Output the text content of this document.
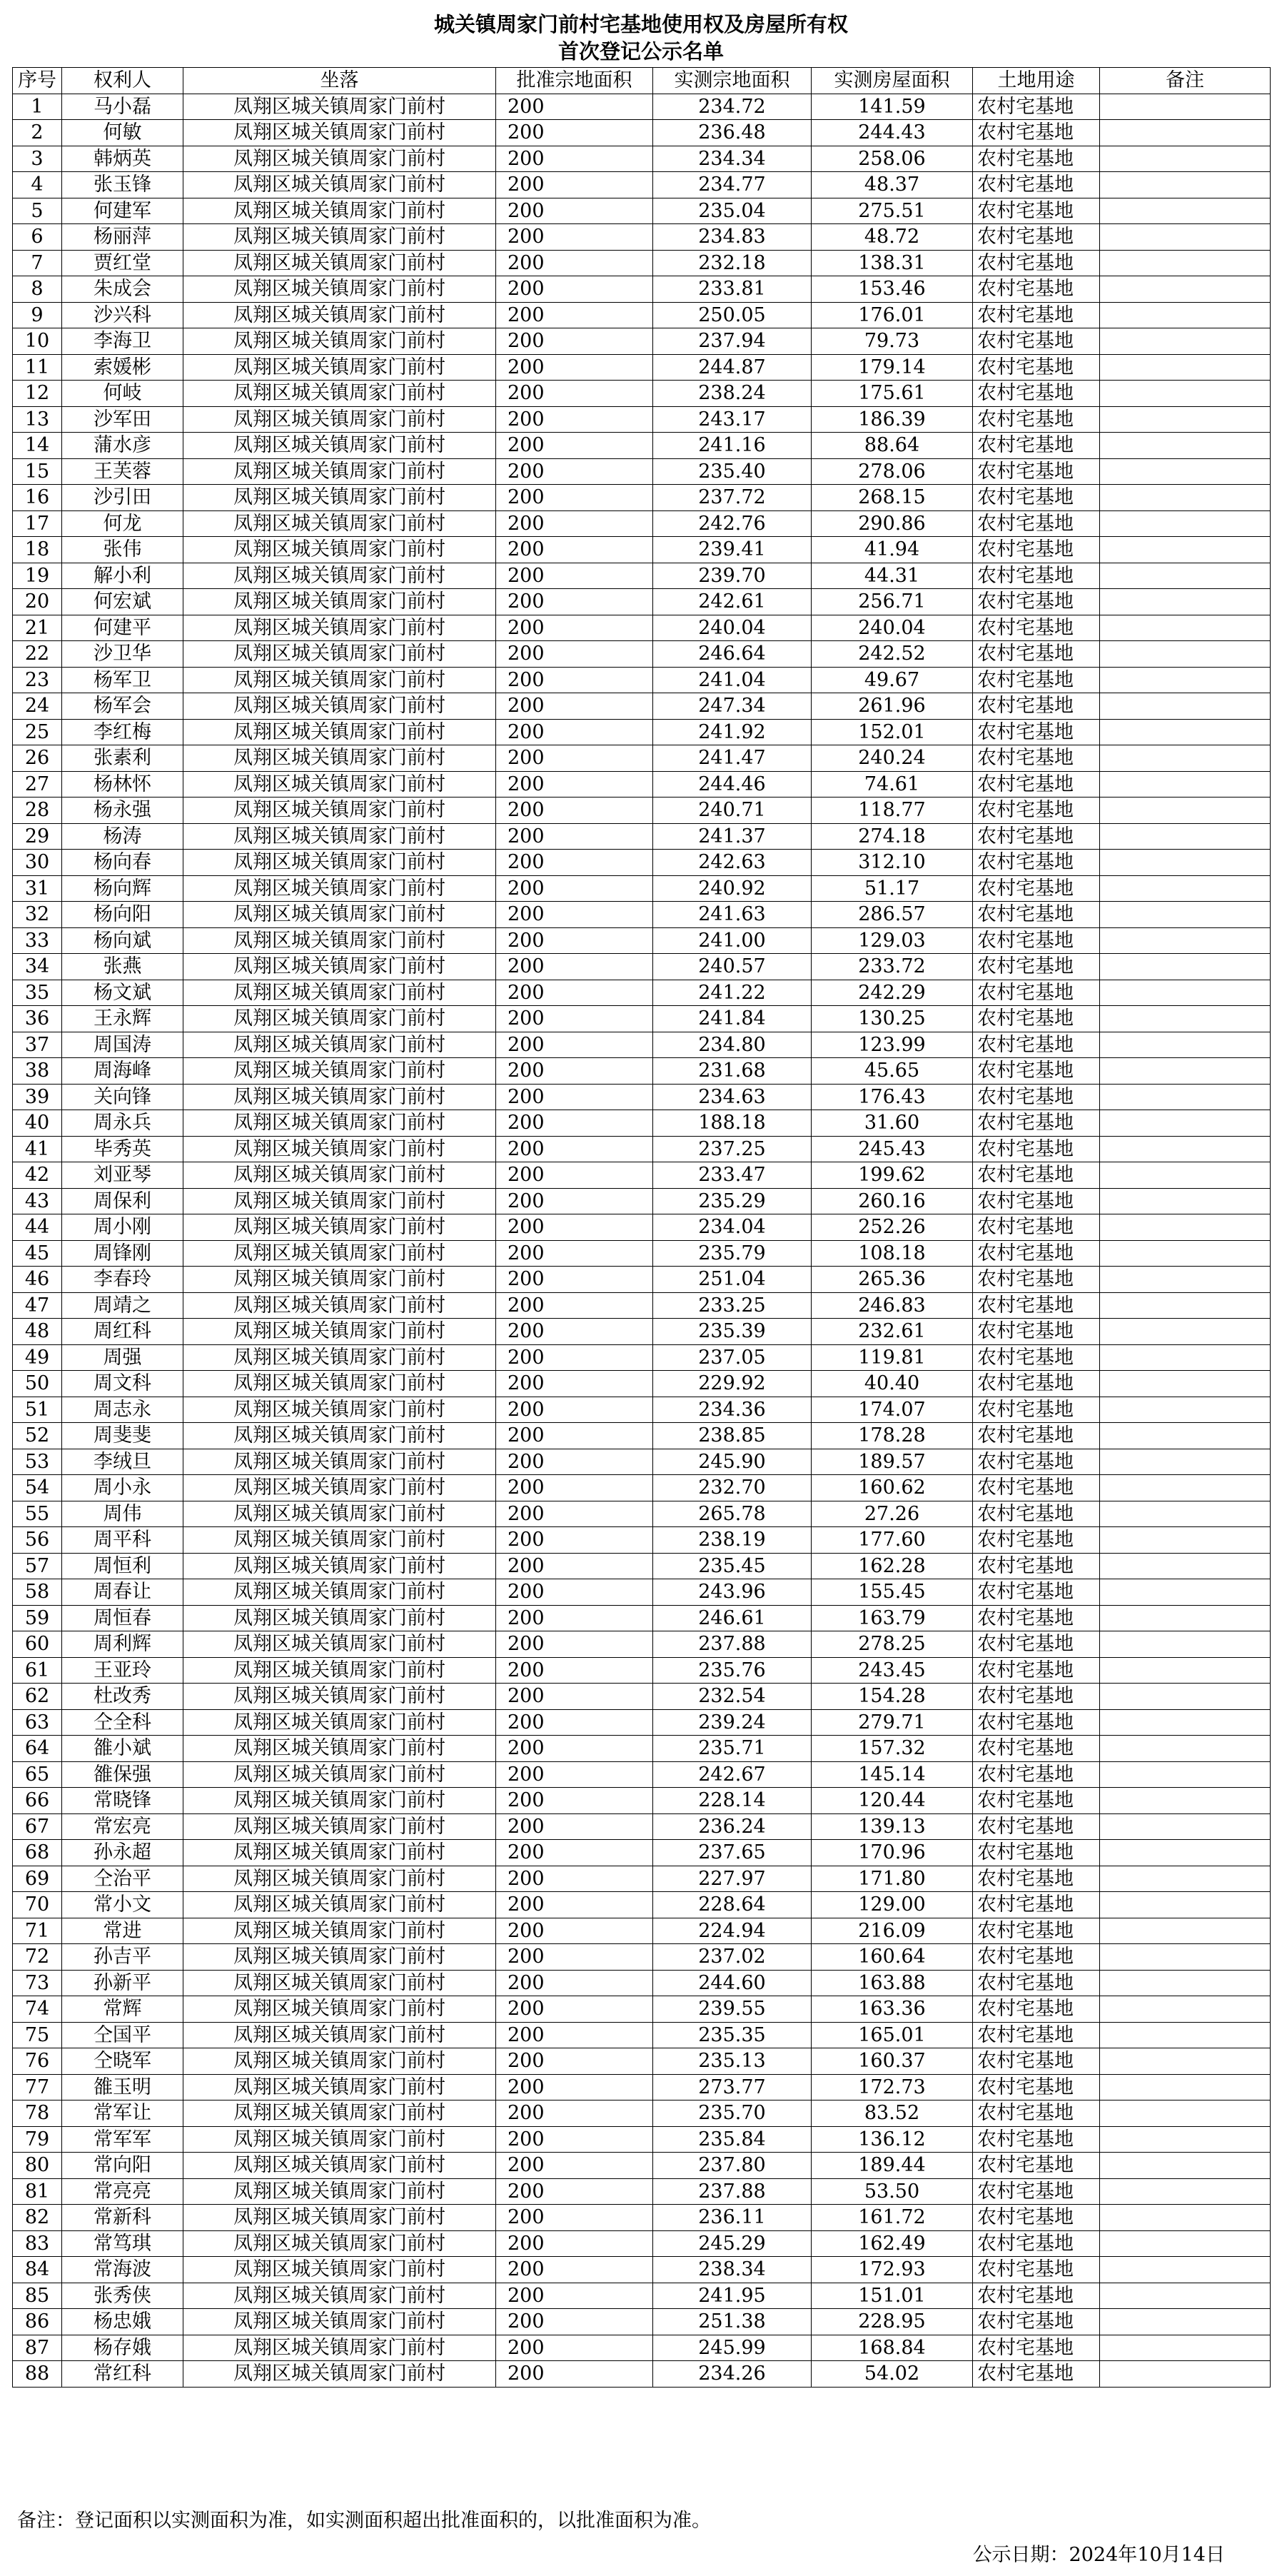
城关镇周家门前村宅基地使用权及房屋所有权
首次登记公示名单
序号	权利人	坐落	批准宗地面积	实测宗地面积	实测房屋面积	土地用途	备注
1	马小磊	凤翔区城关镇周家门前村	200	234.72	141.59	农村宅基地	
2	何敏	凤翔区城关镇周家门前村	200	236.48	244.43	农村宅基地	
3	韩炳英	凤翔区城关镇周家门前村	200	234.34	258.06	农村宅基地	
4	张玉锋	凤翔区城关镇周家门前村	200	234.77	48.37	农村宅基地	
5	何建军	凤翔区城关镇周家门前村	200	235.04	275.51	农村宅基地	
6	杨丽萍	凤翔区城关镇周家门前村	200	234.83	48.72	农村宅基地	
7	贾红堂	凤翔区城关镇周家门前村	200	232.18	138.31	农村宅基地	
8	朱成会	凤翔区城关镇周家门前村	200	233.81	153.46	农村宅基地	
9	沙兴科	凤翔区城关镇周家门前村	200	250.05	176.01	农村宅基地	
10	李海卫	凤翔区城关镇周家门前村	200	237.94	79.73	农村宅基地	
11	索媛彬	凤翔区城关镇周家门前村	200	244.87	179.14	农村宅基地	
12	何岐	凤翔区城关镇周家门前村	200	238.24	175.61	农村宅基地	
13	沙军田	凤翔区城关镇周家门前村	200	243.17	186.39	农村宅基地	
14	蒲水彦	凤翔区城关镇周家门前村	200	241.16	88.64	农村宅基地	
15	王芙蓉	凤翔区城关镇周家门前村	200	235.40	278.06	农村宅基地	
16	沙引田	凤翔区城关镇周家门前村	200	237.72	268.15	农村宅基地	
17	何龙	凤翔区城关镇周家门前村	200	242.76	290.86	农村宅基地	
18	张伟	凤翔区城关镇周家门前村	200	239.41	41.94	农村宅基地	
19	解小利	凤翔区城关镇周家门前村	200	239.70	44.31	农村宅基地	
20	何宏斌	凤翔区城关镇周家门前村	200	242.61	256.71	农村宅基地	
21	何建平	凤翔区城关镇周家门前村	200	240.04	240.04	农村宅基地	
22	沙卫华	凤翔区城关镇周家门前村	200	246.64	242.52	农村宅基地	
23	杨军卫	凤翔区城关镇周家门前村	200	241.04	49.67	农村宅基地	
24	杨军会	凤翔区城关镇周家门前村	200	247.34	261.96	农村宅基地	
25	李红梅	凤翔区城关镇周家门前村	200	241.92	152.01	农村宅基地	
26	张素利	凤翔区城关镇周家门前村	200	241.47	240.24	农村宅基地	
27	杨林怀	凤翔区城关镇周家门前村	200	244.46	74.61	农村宅基地	
28	杨永强	凤翔区城关镇周家门前村	200	240.71	118.77	农村宅基地	
29	杨涛	凤翔区城关镇周家门前村	200	241.37	274.18	农村宅基地	
30	杨向春	凤翔区城关镇周家门前村	200	242.63	312.10	农村宅基地	
31	杨向辉	凤翔区城关镇周家门前村	200	240.92	51.17	农村宅基地	
32	杨向阳	凤翔区城关镇周家门前村	200	241.63	286.57	农村宅基地	
33	杨向斌	凤翔区城关镇周家门前村	200	241.00	129.03	农村宅基地	
34	张燕	凤翔区城关镇周家门前村	200	240.57	233.72	农村宅基地	
35	杨文斌	凤翔区城关镇周家门前村	200	241.22	242.29	农村宅基地	
36	王永辉	凤翔区城关镇周家门前村	200	241.84	130.25	农村宅基地	
37	周国涛	凤翔区城关镇周家门前村	200	234.80	123.99	农村宅基地	
38	周海峰	凤翔区城关镇周家门前村	200	231.68	45.65	农村宅基地	
39	关向锋	凤翔区城关镇周家门前村	200	234.63	176.43	农村宅基地	
40	周永兵	凤翔区城关镇周家门前村	200	188.18	31.60	农村宅基地	
41	毕秀英	凤翔区城关镇周家门前村	200	237.25	245.43	农村宅基地	
42	刘亚琴	凤翔区城关镇周家门前村	200	233.47	199.62	农村宅基地	
43	周保利	凤翔区城关镇周家门前村	200	235.29	260.16	农村宅基地	
44	周小刚	凤翔区城关镇周家门前村	200	234.04	252.26	农村宅基地	
45	周锋刚	凤翔区城关镇周家门前村	200	235.79	108.18	农村宅基地	
46	李春玲	凤翔区城关镇周家门前村	200	251.04	265.36	农村宅基地	
47	周靖之	凤翔区城关镇周家门前村	200	233.25	246.83	农村宅基地	
48	周红科	凤翔区城关镇周家门前村	200	235.39	232.61	农村宅基地	
49	周强	凤翔区城关镇周家门前村	200	237.05	119.81	农村宅基地	
50	周文科	凤翔区城关镇周家门前村	200	229.92	40.40	农村宅基地	
51	周志永	凤翔区城关镇周家门前村	200	234.36	174.07	农村宅基地	
52	周斐斐	凤翔区城关镇周家门前村	200	238.85	178.28	农村宅基地	
53	李绒旦	凤翔区城关镇周家门前村	200	245.90	189.57	农村宅基地	
54	周小永	凤翔区城关镇周家门前村	200	232.70	160.62	农村宅基地	
55	周伟	凤翔区城关镇周家门前村	200	265.78	27.26	农村宅基地	
56	周平科	凤翔区城关镇周家门前村	200	238.19	177.60	农村宅基地	
57	周恒利	凤翔区城关镇周家门前村	200	235.45	162.28	农村宅基地	
58	周春让	凤翔区城关镇周家门前村	200	243.96	155.45	农村宅基地	
59	周恒春	凤翔区城关镇周家门前村	200	246.61	163.79	农村宅基地	
60	周利辉	凤翔区城关镇周家门前村	200	237.88	278.25	农村宅基地	
61	王亚玲	凤翔区城关镇周家门前村	200	235.76	243.45	农村宅基地	
62	杜改秀	凤翔区城关镇周家门前村	200	232.54	154.28	农村宅基地	
63	仝全科	凤翔区城关镇周家门前村	200	239.24	279.71	农村宅基地	
64	雒小斌	凤翔区城关镇周家门前村	200	235.71	157.32	农村宅基地	
65	雒保强	凤翔区城关镇周家门前村	200	242.67	145.14	农村宅基地	
66	常晓锋	凤翔区城关镇周家门前村	200	228.14	120.44	农村宅基地	
67	常宏亮	凤翔区城关镇周家门前村	200	236.24	139.13	农村宅基地	
68	孙永超	凤翔区城关镇周家门前村	200	237.65	170.96	农村宅基地	
69	仝治平	凤翔区城关镇周家门前村	200	227.97	171.80	农村宅基地	
70	常小文	凤翔区城关镇周家门前村	200	228.64	129.00	农村宅基地	
71	常进	凤翔区城关镇周家门前村	200	224.94	216.09	农村宅基地	
72	孙吉平	凤翔区城关镇周家门前村	200	237.02	160.64	农村宅基地	
73	孙新平	凤翔区城关镇周家门前村	200	244.60	163.88	农村宅基地	
74	常辉	凤翔区城关镇周家门前村	200	239.55	163.36	农村宅基地	
75	仝国平	凤翔区城关镇周家门前村	200	235.35	165.01	农村宅基地	
76	仝晓军	凤翔区城关镇周家门前村	200	235.13	160.37	农村宅基地	
77	雒玉明	凤翔区城关镇周家门前村	200	273.77	172.73	农村宅基地	
78	常军让	凤翔区城关镇周家门前村	200	235.70	83.52	农村宅基地	
79	常军军	凤翔区城关镇周家门前村	200	235.84	136.12	农村宅基地	
80	常向阳	凤翔区城关镇周家门前村	200	237.80	189.44	农村宅基地	
81	常亮亮	凤翔区城关镇周家门前村	200	237.88	53.50	农村宅基地	
82	常新科	凤翔区城关镇周家门前村	200	236.11	161.72	农村宅基地	
83	常笃琪	凤翔区城关镇周家门前村	200	245.29	162.49	农村宅基地	
84	常海波	凤翔区城关镇周家门前村	200	238.34	172.93	农村宅基地	
85	张秀侠	凤翔区城关镇周家门前村	200	241.95	151.01	农村宅基地	
86	杨忠娥	凤翔区城关镇周家门前村	200	251.38	228.95	农村宅基地	
87	杨存娥	凤翔区城关镇周家门前村	200	245.99	168.84	农村宅基地	
88	常红科	凤翔区城关镇周家门前村	200	234.26	54.02	农村宅基地	
备注：登记面积以实测面积为准，如实测面积超出批准面积的，以批准面积为准。
公示日期：2024年10月14日
